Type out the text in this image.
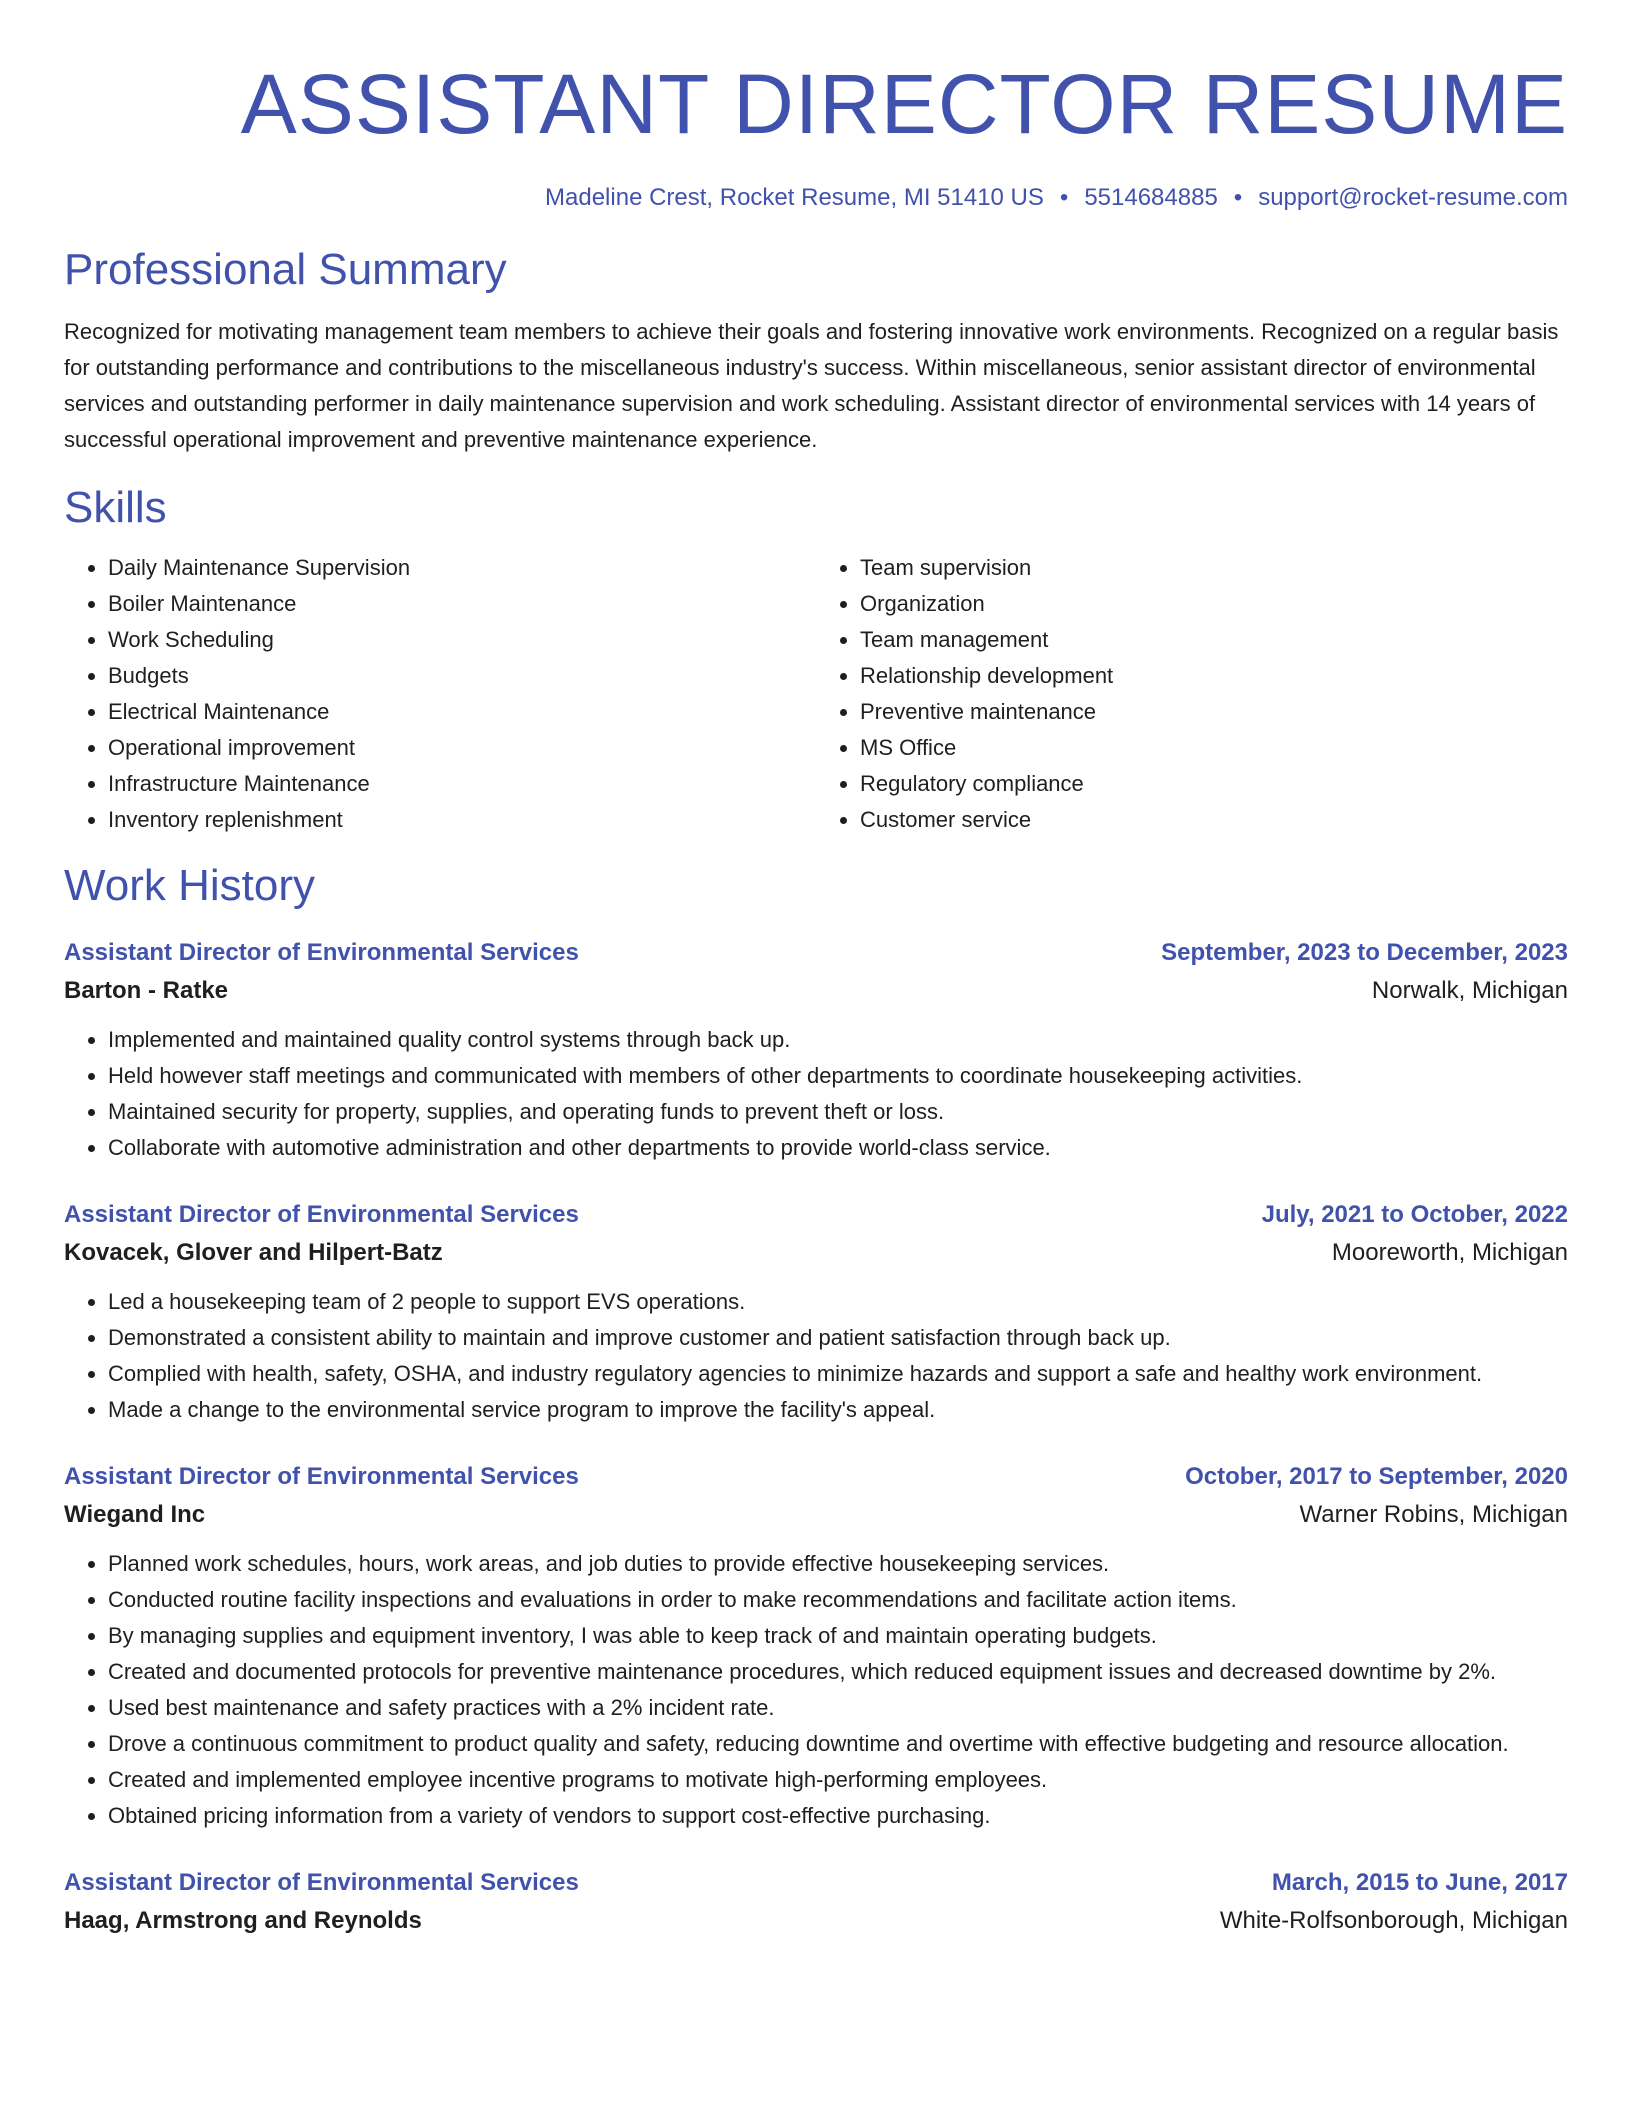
ASSISTANT DIRECTOR RESUME
Madeline Crest, Rocket Resume, MI 51410 US • 5514684885 • support@rocket-resume.com
Professional Summary

Recognized for motivating management team members to achieve their goals and fostering innovative work environments. Recognized on a regular basis for outstanding performance and contributions to the miscellaneous industry's success. Within miscellaneous, senior assistant director of environmental services and outstanding performer in daily maintenance supervision and work scheduling. Assistant director of environmental services with 14 years of successful operational improvement and preventive maintenance experience.

Skills
• Daily Maintenance Supervision
• Boiler Maintenance
• Work Scheduling
• Budgets
• Electrical Maintenance
• Operational improvement
• Infrastructure Maintenance
• Inventory replenishment
• Team supervision
• Organization
• Team management
• Relationship development
• Preventive maintenance
• MS Office
• Regulatory compliance
• Customer service
Work History
Assistant Director of Environmental Services	September, 2023 to December, 2023
Barton - Ratke	Norwalk, Michigan
• Implemented and maintained quality control systems through back up.
• Held however staff meetings and communicated with members of other departments to coordinate housekeeping activities.
• Maintained security for property, supplies, and operating funds to prevent theft or loss.
• Collaborate with automotive administration and other departments to provide world-class service.
Assistant Director of Environmental Services	July, 2021 to October, 2022
Kovacek, Glover and Hilpert-Batz	Mooreworth, Michigan
• Led a housekeeping team of 2 people to support EVS operations.
• Demonstrated a consistent ability to maintain and improve customer and patient satisfaction through back up.
• Complied with health, safety, OSHA, and industry regulatory agencies to minimize hazards and support a safe and healthy work environment.
• Made a change to the environmental service program to improve the facility's appeal.
Assistant Director of Environmental Services	October, 2017 to September, 2020
Wiegand Inc	Warner Robins, Michigan
• Planned work schedules, hours, work areas, and job duties to provide effective housekeeping services.
• Conducted routine facility inspections and evaluations in order to make recommendations and facilitate action items.
• By managing supplies and equipment inventory, I was able to keep track of and maintain operating budgets.
• Created and documented protocols for preventive maintenance procedures, which reduced equipment issues and decreased downtime by 2%.
• Used best maintenance and safety practices with a 2% incident rate.
• Drove a continuous commitment to product quality and safety, reducing downtime and overtime with effective budgeting and resource allocation.
• Created and implemented employee incentive programs to motivate high-performing employees.
• Obtained pricing information from a variety of vendors to support cost-effective purchasing.
Assistant Director of Environmental Services	March, 2015 to June, 2017
Haag, Armstrong and Reynolds	White-Rolfsonborough, Michigan
